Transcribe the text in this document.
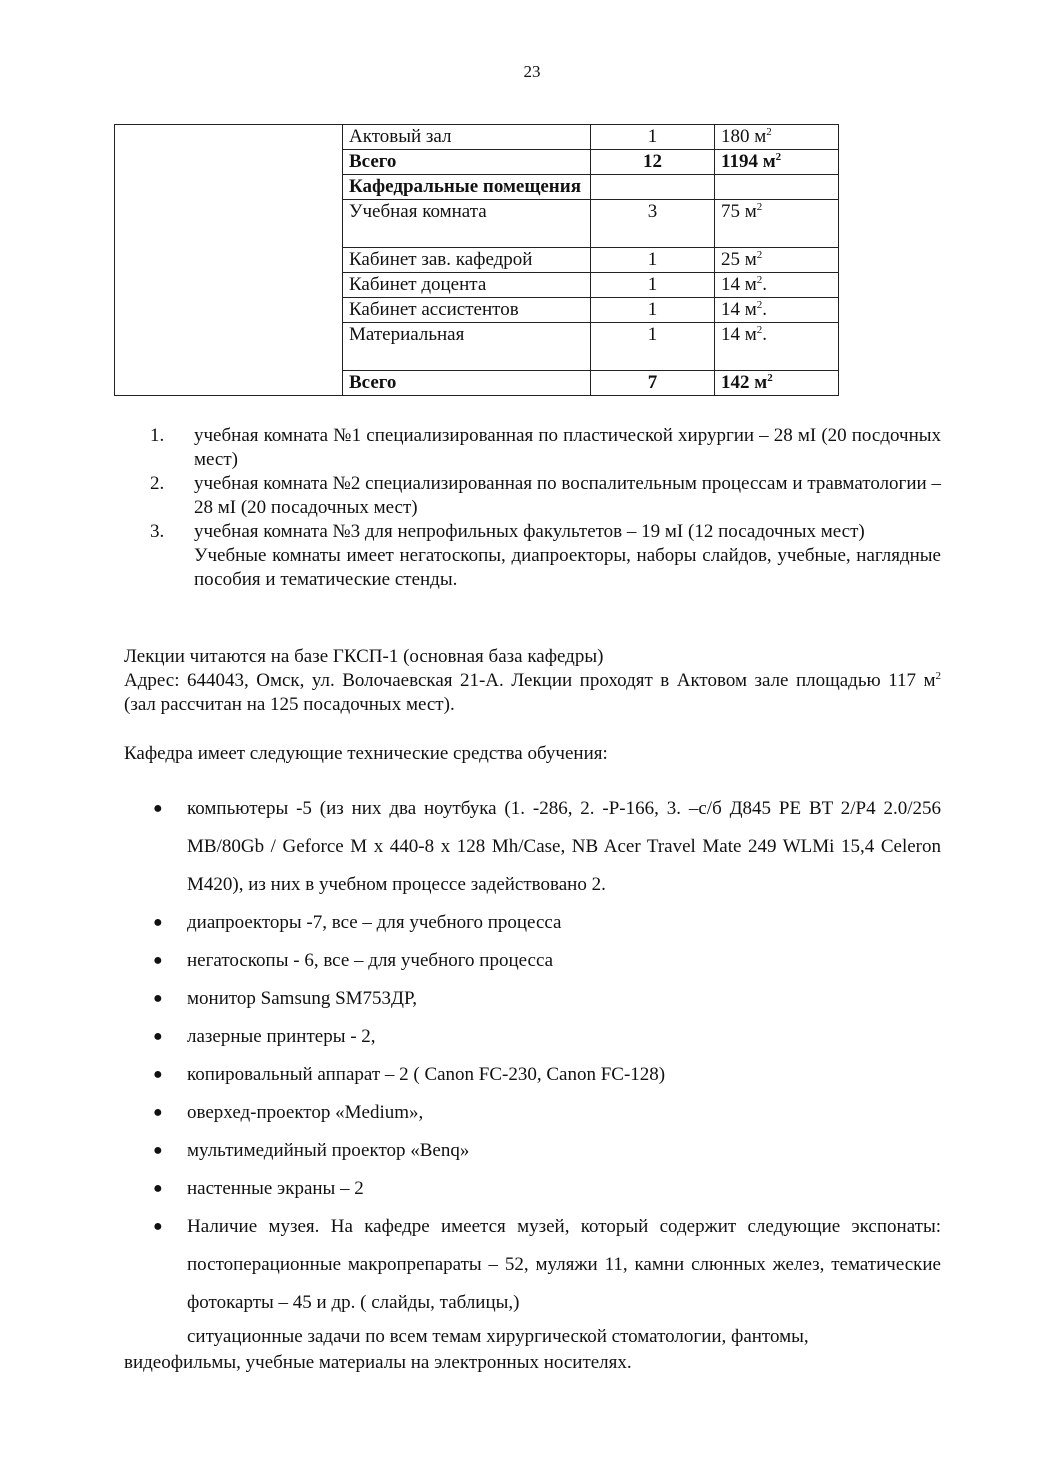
23
	Актовый зал	1	180 $м^2$
	Всего	12	1194 $м^2$
	Кафедральные помещения		
	Учебная комната	3	75 $м^2$
	Кабинет зав. кафедрой	1	25 $м^2$
	Кабинет доцента	1	14 $м^2$.
	Кабинет ассистентов	1	14 $м^2$.
	Материальная	1	14 $м^2$.
	Всего	7	142 $м^2$

1. учебная комната №1 специализированная по пластической хирургии – 28 мI (20 посдочных мест)

2. учебная комната №2 специализированная по воспалительным процессам и травматологии – 28 мI (20 посадочных мест)

3. учебная комната №3 для непрофильных факультетов – 19 мI (12 посадочных мест)

Учебные комнаты имеет негатоскопы, диапроекторы, наборы слайдов, учебные, наглядные пособия и тематические стенды.

Лекции читаются на базе ГКСП-1 (основная база кафедры)
Адрес: 644043, Омск, ул. Волочаевская 21-А. Лекции проходят в Актовом зале площадью 117 $м^2$ (зал рассчитан на 125 посадочных мест).

Кафедра имеет следующие технические средства обучения:

● компьютеры -5 (из них два ноутбука (1. -286, 2. -Р-166, 3. –с/б Д845 PE BT 2/P4 2.0/256 MB/80Gb / Geforce M x 440-8 x 128 Mh/Case, NB Acer Travel Mate 249 WLMi 15,4 Celeron M420), из них в учебном процессе задействовано 2.

● диапроекторы -7, все – для учебного процесса

● негатоскопы - 6, все – для учебного процесса

● монитор Samsung SM753ДР,

● лазерные принтеры - 2,

● копировальный аппарат – 2 ( Canon FC-230, Canon FC-128)

● оверхед-проектор «Medium»,

● мультимедийный проектор «Benq»

● настенные экраны – 2

● Наличие музея. На кафедре имеется музей, который содержит следующие экспонаты: постоперационные макропрепараты – 52, муляжи 11, камни слюнных желез, тематические фотокарты – 45 и др. ( слайды, таблицы,)

ситуационные задачи по всем темам хирургической стоматологии, фантомы,

видеофильмы, учебные материалы на электронных носителях.
